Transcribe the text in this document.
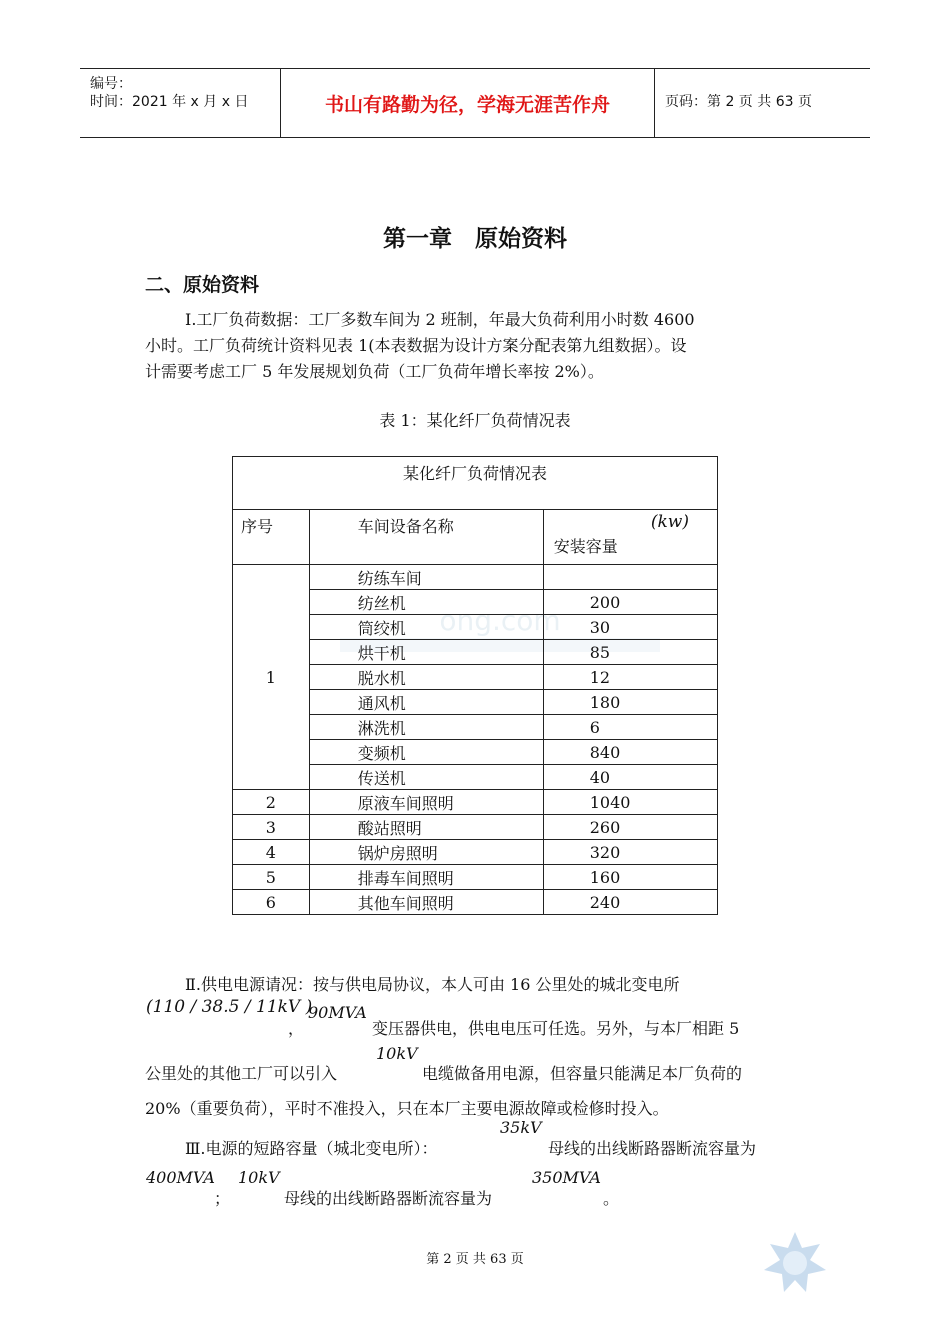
编号：
时间：2021 年 x 月 x 日	书山有路勤为径，学海无涯苦作舟	页码：第 2 页 共 63 页
第一章　原始资料
二、原始资料
Ⅰ.工厂负荷数据：工厂多数车间为 2 班制，年最大负荷利用小时数 4600
小时。工厂负荷统计资料见表 1(本表数据为设计方案分配表第九组数据）。设
计需要考虑工厂 5 年发展规划负荷（工厂负荷年增长率按 2%）。
表 1：某化纤厂负荷情况表
ong.com
某化纤厂负荷情况表		
序号	车间设备名称	(kw)
安装容量

1	纺练车间	
	纺丝机	200
	筒绞机	30
	烘干机	85
	脱水机	12
	通风机	180
	淋洗机	6
	变频机	840
	传送机	40
2	原液车间照明	1040
3	酸站照明	260
4	锅炉房照明	320
5	排毒车间照明	160
6	其他车间照明	240
Ⅱ.供电电源请况：按与供电局协议，本人可由 16 公里处的城北变电所
(110 / 38.5 / 11kV )
，
90MVA
变压器供电，供电电压可任选。另外，与本厂相距 5
10kV
公里处的其他工厂可以引入	电缆做备用电源，但容量只能满足本厂负荷的
20%（重要负荷），平时不准投入，只在本厂主要电源故障或检修时投入。
Ⅲ.电源的短路容量（城北变电所）：
35kV
母线的出线断路器断流容量为
400MVA
；
10kV
母线的出线断路器断流容量为
350MVA
。
第 2 页 共 63 页
